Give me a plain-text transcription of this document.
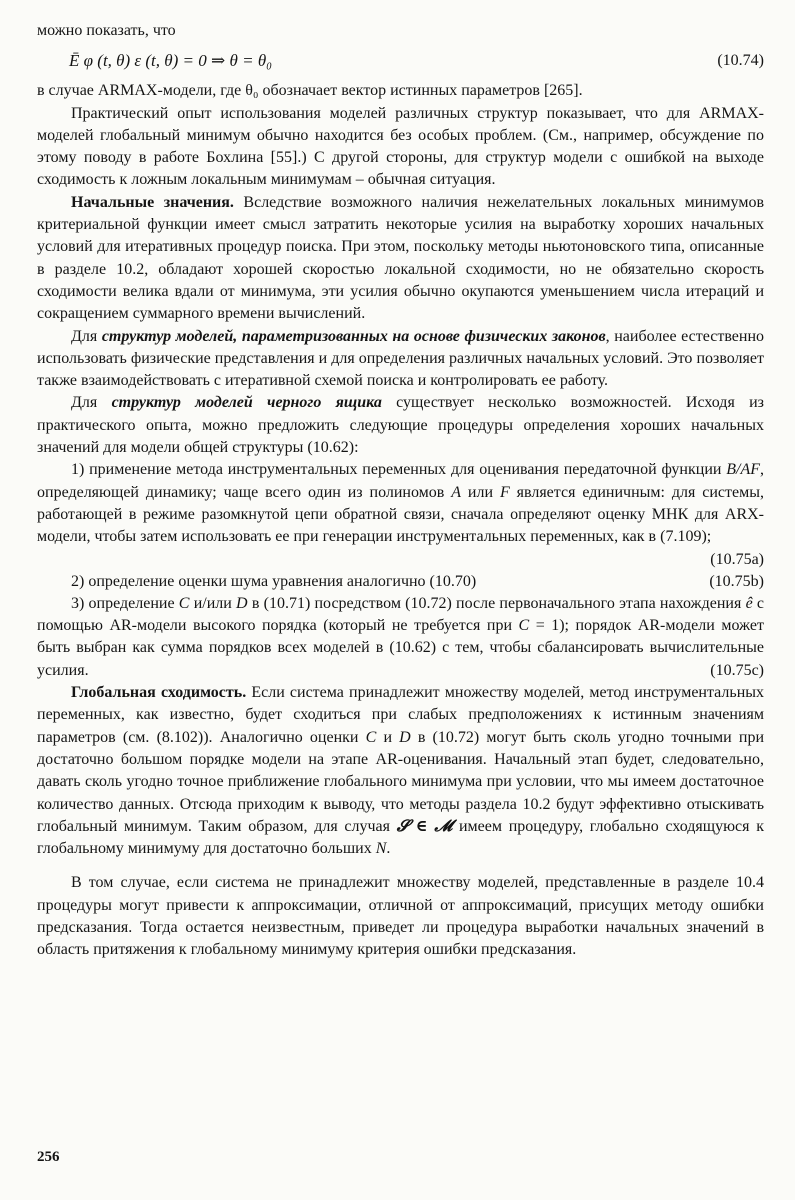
можно показать, что

Ē φ (t, θ) ε (t, θ) = 0 ⇒ θ = θ₀	(10.74)

в случае ARMAX-модели, где θ₀ обозначает вектор истинных параметров [265].

Практический опыт использования моделей различных структур показывает, что для ARMAX-моделей глобальный минимум обычно находится без особых проблем. (См., например, обсуждение по этому поводу в работе Бохлина [55].) С другой стороны, для структур модели с ошибкой на выходе сходимость к ложным локальным минимумам – обычная ситуация.

Начальные значения. Вследствие возможного наличия нежелательных локальных минимумов критериальной функции имеет смысл затратить некоторые усилия на выработку хороших начальных условий для итеративных процедур поиска. При этом, поскольку методы ньютоновского типа, описанные в разделе 10.2, обладают хорошей скоростью локальной сходимости, но не обязательно скорость сходимости велика вдали от минимума, эти усилия обычно окупаются уменьшением числа итераций и сокращением суммарного времени вычислений.

Для структур моделей, параметризованных на основе физических законов, наиболее естественно использовать физические представления и для определения различных начальных условий. Это позволяет также взаимодействовать с итеративной схемой поиска и контролировать ее работу.

Для структур моделей черного ящика существует несколько возможностей. Исходя из практического опыта, можно предложить следующие процедуры определения хороших начальных значений для модели общей структуры (10.62):

1) применение метода инструментальных переменных для оценивания передаточной функции B/AF, определяющей динамику; чаще всего один из полиномов A или F является единичным: для системы, работающей в режиме разомкнутой цепи обратной связи, сначала определяют оценку МНК для ARX-модели, чтобы затем использовать ее при генерации инструментальных переменных, как в (7.109);

(10.75a)
2) определение оценки шума уравнения аналогично (10.70)	(10.75b)

3) определение C и/или D в (10.71) посредством (10.72) после первоначального этапа нахождения ê с помощью AR-модели высокого порядка (который не требуется при C = 1); порядок AR-модели может быть выбран как сумма порядков всех моделей в (10.62) с тем, чтобы сбалансировать вычислительные усилия.	(10.75c)

Глобальная сходимость. Если система принадлежит множеству моделей, метод инструментальных переменных, как известно, будет сходиться при слабых предположениях к истинным значениям параметров (см. (8.102)). Аналогично оценки C и D в (10.72) могут быть сколь угодно точными при достаточно большом порядке модели на этапе AR-оценивания. Начальный этап будет, следовательно, давать сколь угодно точное приближение глобального минимума при условии, что мы имеем достаточное количество данных. Отсюда приходим к выводу, что методы раздела 10.2 будут эффективно отыскивать глобальный минимум. Таким образом, для случая 𝓢 ∈ 𝓜 имеем процедуру, глобально сходящуюся к глобальному минимуму для достаточно больших N.

В том случае, если система не принадлежит множеству моделей, представленные в разделе 10.4 процедуры могут привести к аппроксимации, отличной от аппроксимаций, присущих методу ошибки предсказания. Тогда остается неизвестным, приведет ли процедура выработки начальных значений в область притяжения к глобальному минимуму критерия ошибки предсказания.

256
